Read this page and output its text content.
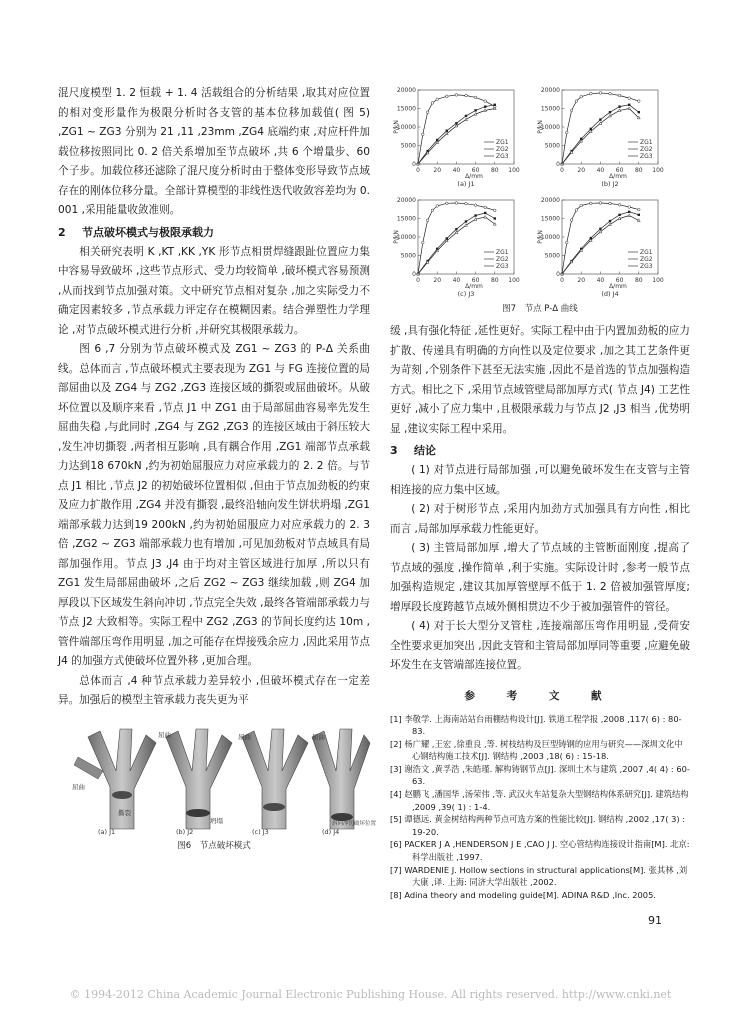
混尺度模型 1. 2 恒载 + 1. 4 活载组合的分析结果 ,取其对应位置的相对变形量作为极限分析时各支管的基本位移加载值( 图 5) ,ZG1 ~ ZG3 分别为 21 ,11 ,23mm ,ZG4 底端约束 ,对应杆件加载位移按照同比 0. 2 倍关系增加至节点破坏 ,共 6 个增量步、60 个子步。加载位移还滤除了混尺度分析时由于整体变形导致节点域存在的刚体位移分量。全部计算模型的非线性迭代收敛容差均为 0. 001 ,采用能量收敛准则。

2 节点破坏模式与极限承载力

相关研究表明 K ,KT ,KK ,YK 形节点相贯焊缝跟趾位置应力集中容易导致破坏 ,这些节点形式、受力均较简单 ,破坏模式容易预测 ,从而找到节点加强对策。文中研究节点相对复杂 ,加之实际受力不确定因素较多 ,节点承载力评定存在模糊因素。结合弹塑性力学理论 ,对节点破坏模式进行分析 ,并研究其极限承载力。

图 6 ,7 分别为节点破坏模式及 ZG1 ~ ZG3 的 P-Δ 关系曲线。总体而言 ,节点破坏模式主要表现为 ZG1 与 FG 连接位置的局部屈曲以及 ZG4 与 ZG2 ,ZG3 连接区域的撕裂或屈曲破坏。从破坏位置以及顺序来看 ,节点 J1 中 ZG1 由于局部屈曲容易率先发生屈曲失稳 ,与此同时 ,ZG4 与 ZG2 ,ZG3 的连接区域由于斜压较大 ,发生冲切撕裂 ,两者相互影响 ,具有耦合作用 ,ZG1 端部节点承载力达到18 670kN ,约为初始屈服应力对应承载力的 2. 2 倍。与节点 J1 相比 ,节点 J2 的初始破坏位置相似 ,但由于节点加劲板的约束及应力扩散作用 ,ZG4 并没有撕裂 ,最终沿轴向发生饼状坍塌 ,ZG1 端部承载力达到19 200kN ,约为初始屈服应力对应承载力的 2. 3 倍 ,ZG2 ~ ZG3 端部承载力也有增加 ,可见加劲板对节点域具有局部加强作用。节点 J3 ,J4 由于均对主管区域进行加厚 ,所以只有 ZG1 发生局部屈曲破坏 ,之后 ZG2 ~ ZG3 继续加载 ,则 ZG4 加厚段以下区域发生斜向冲切 ,节点完全失效 ,最终各管端部承载力与节点 J2 大致相等。实际工程中 ZG2 ,ZG3 的节间长度约达 10m ,管件端部压弯作用明显 ,加之可能存在焊接残余应力 ,因此采用节点 J4 的加强方式使破坏位置外移 ,更加合理。

总体而言 ,4 种节点承载力差异较小 ,但破坏模式存在一定差异。加强后的模型主管承载力丧失更为平

屈曲
屈曲	屈曲	屈曲
撕裂
坍塌	斜向冲切破坏位置
(a) J1	(b) J2	(c) J3	(d) J4
图6　节点破坏模式
0
5000
10000
15000
20000
0 20 40 60 80 100
Δ/mm
P/kN
(a) J1
ZG1
ZG2
ZG3
0
5000
10000
15000
20000
0 20 40 60 80 100
Δ/mm
P/kN
(b) J2
ZG1
ZG2
ZG3
0
5000
10000
15000
20000
0 20 40 60 80 100
Δ/mm
P/kN
(c) J3
ZG1
ZG2
ZG3
0
5000
10000
15000
20000
0 20 40 60 80 100
Δ/mm
P/kN
(d) J4
ZG1
ZG2
ZG3
图7　节点 P-Δ 曲线

缓 ,具有强化特征 ,延性更好。实际工程中由于内置加劲板的应力扩散、传递具有明确的方向性以及定位要求 ,加之其工艺条件更为苛刻 ,个别条件下甚至无法实施 ,因此不是首选的节点加强构造方式。相比之下 ,采用节点域管壁局部加厚方式( 节点 J4) 工艺性更好 ,减小了应力集中 ,且极限承载力与节点 J2 ,J3 相当 ,优势明显 ,建议实际工程中采用。

3 结论

( 1) 对节点进行局部加强 ,可以避免破坏发生在支管与主管相连接的应力集中区域。

( 2) 对于树形节点 ,采用内加劲方式加强具有方向性 ,相比而言 ,局部加厚承载力性能更好。

( 3) 主管局部加厚 ,增大了节点域的主管断面刚度 ,提高了节点域的强度 ,操作简单 ,利于实施。实际设计时 ,参考一般节点加强构造规定 ,建议其加厚管壁厚不低于 1. 2 倍被加强管厚度; 增厚段长度跨越节点域外侧相贯边不少于被加强管件的管径。

( 4) 对于长大型分叉管柱 ,连接端部压弯作用明显 ,受荷安全性要求更加突出 ,因此支管和主管局部加厚同等重要 ,应避免破坏发生在支管端部连接位置。

参 考 文 献

[1] 李敬学. 上海南站站台雨棚结构设计[J]. 铁道工程学报 ,2008 ,117( 6) : 80-83.

[2] 杨广耀 ,王宏 ,徐重良 ,等. 树枝结构及巨型铸钢的应用与研究——深圳文化中心钢结构施工技术[J]. 钢结构 ,2003 ,18( 6) : 15-18.

[3] 谢浩文 ,黄孚浩 ,朱皓瑾. 解构铸钢节点[J]. 深圳土木与建筑 ,2007 ,4( 4) : 60-63.

[4] 赵鹏飞 ,潘国华 ,汤荣伟 ,等. 武汉火车站复杂大型钢结构体系研究[J]. 建筑结构 ,2009 ,39( 1) : 1-4.

[5] 谭德远. 黄金树结构两种节点可选方案的性能比较[J]. 钢结构 ,2002 ,17( 3) : 19-20.

[6] PACKER J A ,HENDERSON J E ,CAO J J. 空心管结构连接设计指南[M]. 北京: 科学出版社 ,1997.

[7] WARDENIE J. Hollow sections in structural applications[M]. 张其林 ,刘大康 ,译. 上海: 同济大学出版社 ,2002.

[8] Adina theory and modeling guide[M]. ADINA R&D ,Inc. 2005.

91
© 1994-2012 China Academic Journal Electronic Publishing House. All rights reserved. http://www.cnki.net
